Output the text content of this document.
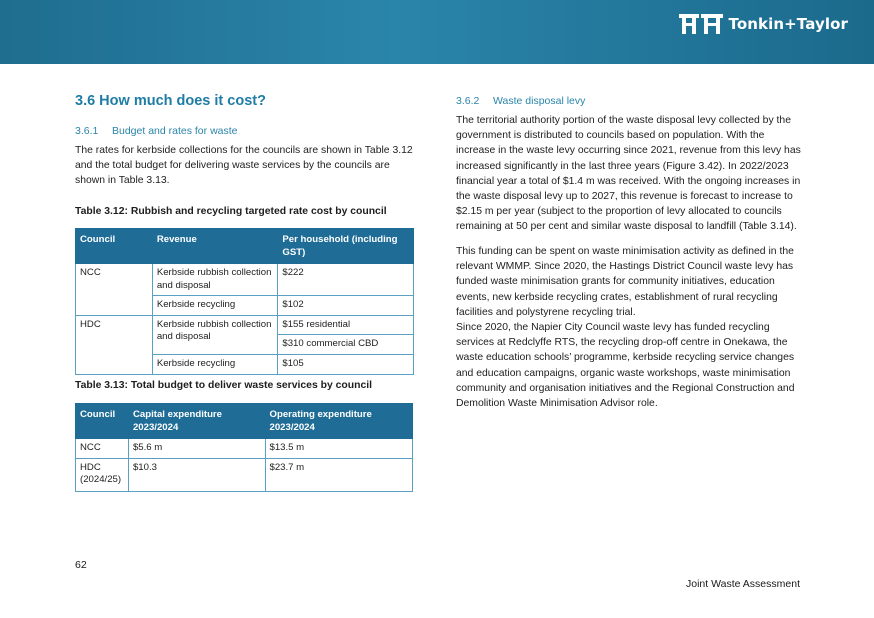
Tonkin+Taylor
3.6 How much does it cost?

3.6.1 Budget and rates for waste

The rates for kerbside collections for the councils are shown in Table 3.12 and the total budget for delivering waste services by the councils are shown in Table 3.13.

Table 3.12: Rubbish and recycling targeted rate cost by council

Council	Revenue	Per household (including GST)
NCC	Kerbside rubbish collection and disposal	$222
	Kerbside recycling	$102
HDC	Kerbside rubbish collection and disposal	$155 residential
		$310 commercial CBD
	Kerbside recycling	$105

Table 3.13: Total budget to deliver waste services by council

Council	Capital expenditure 2023/2024	Operating expenditure 2023/2024
NCC	$5.6 m	$13.5 m
HDC (2024/25)	$10.3	$23.7 m

3.6.2 Waste disposal levy

The territorial authority portion of the waste disposal levy collected by the government is distributed to councils based on population. With the increase in the waste levy occurring since 2021, revenue from this levy has increased significantly in the last three years (Figure 3.42). In 2022/2023 financial year a total of $1.4 m was received. With the ongoing increases in the waste disposal levy up to 2027, this revenue is forecast to increase to $2.15 m per year (subject to the proportion of levy allocated to councils remaining at 50 per cent and similar waste disposal to landfill (Table 3.14).

This funding can be spent on waste minimisation activity as defined in the relevant WMMP. Since 2020, the Hastings District Council waste levy has funded waste minimisation grants for community initiatives, education events, new kerbside recycling crates, establishment of rural recycling facilities and polystyrene recycling trial.

Since 2020, the Napier City Council waste levy has funded recycling services at Redclyffe RTS, the recycling drop-off centre in Onekawa, the waste education schools’ programme, kerbside recycling service changes and education campaigns, organic waste workshops, waste minimisation community and organisation initiatives and the Regional Construction and Demolition Waste Minimisation Advisor role.

62

Joint Waste Assessment
